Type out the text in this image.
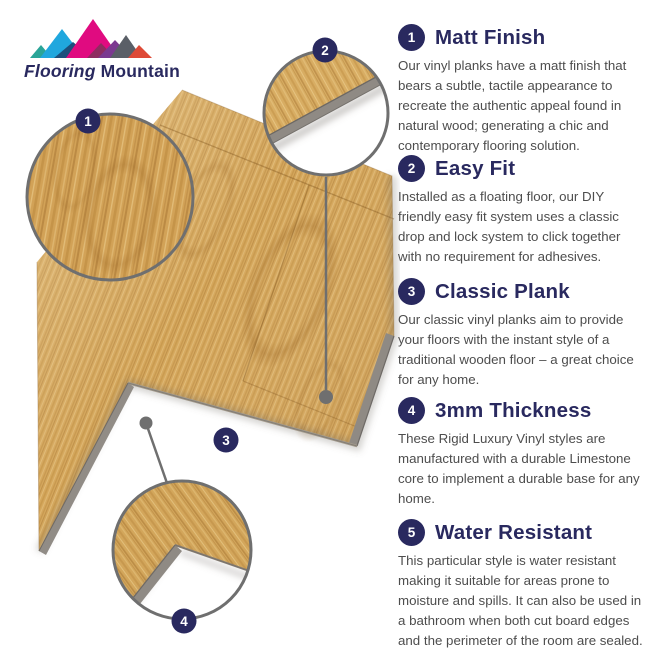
Flooring Mountain
1
2
3
4
1 Matt Finish

Our vinyl planks have a matt finish that bears a subtle, tactile appearance to recreate the authentic appeal found in natural wood; generating a chic and contemporary flooring solution.

2 Easy Fit

Installed as a floating floor, our DIY friendly easy fit system uses a classic drop and lock system to click together with no requirement for adhesives.

3 Classic Plank

Our classic vinyl planks aim to provide your floors with the instant style of a traditional wooden floor – a great choice for any home.

4 3mm Thickness

These Rigid Luxury Vinyl styles are manufactured with a durable Limestone core to implement a durable base for any home.

5 Water Resistant

This particular style is water resistant making it suitable for areas prone to moisture and spills. It can also be used in a bathroom when both cut board edges and the perimeter of the room are sealed.
